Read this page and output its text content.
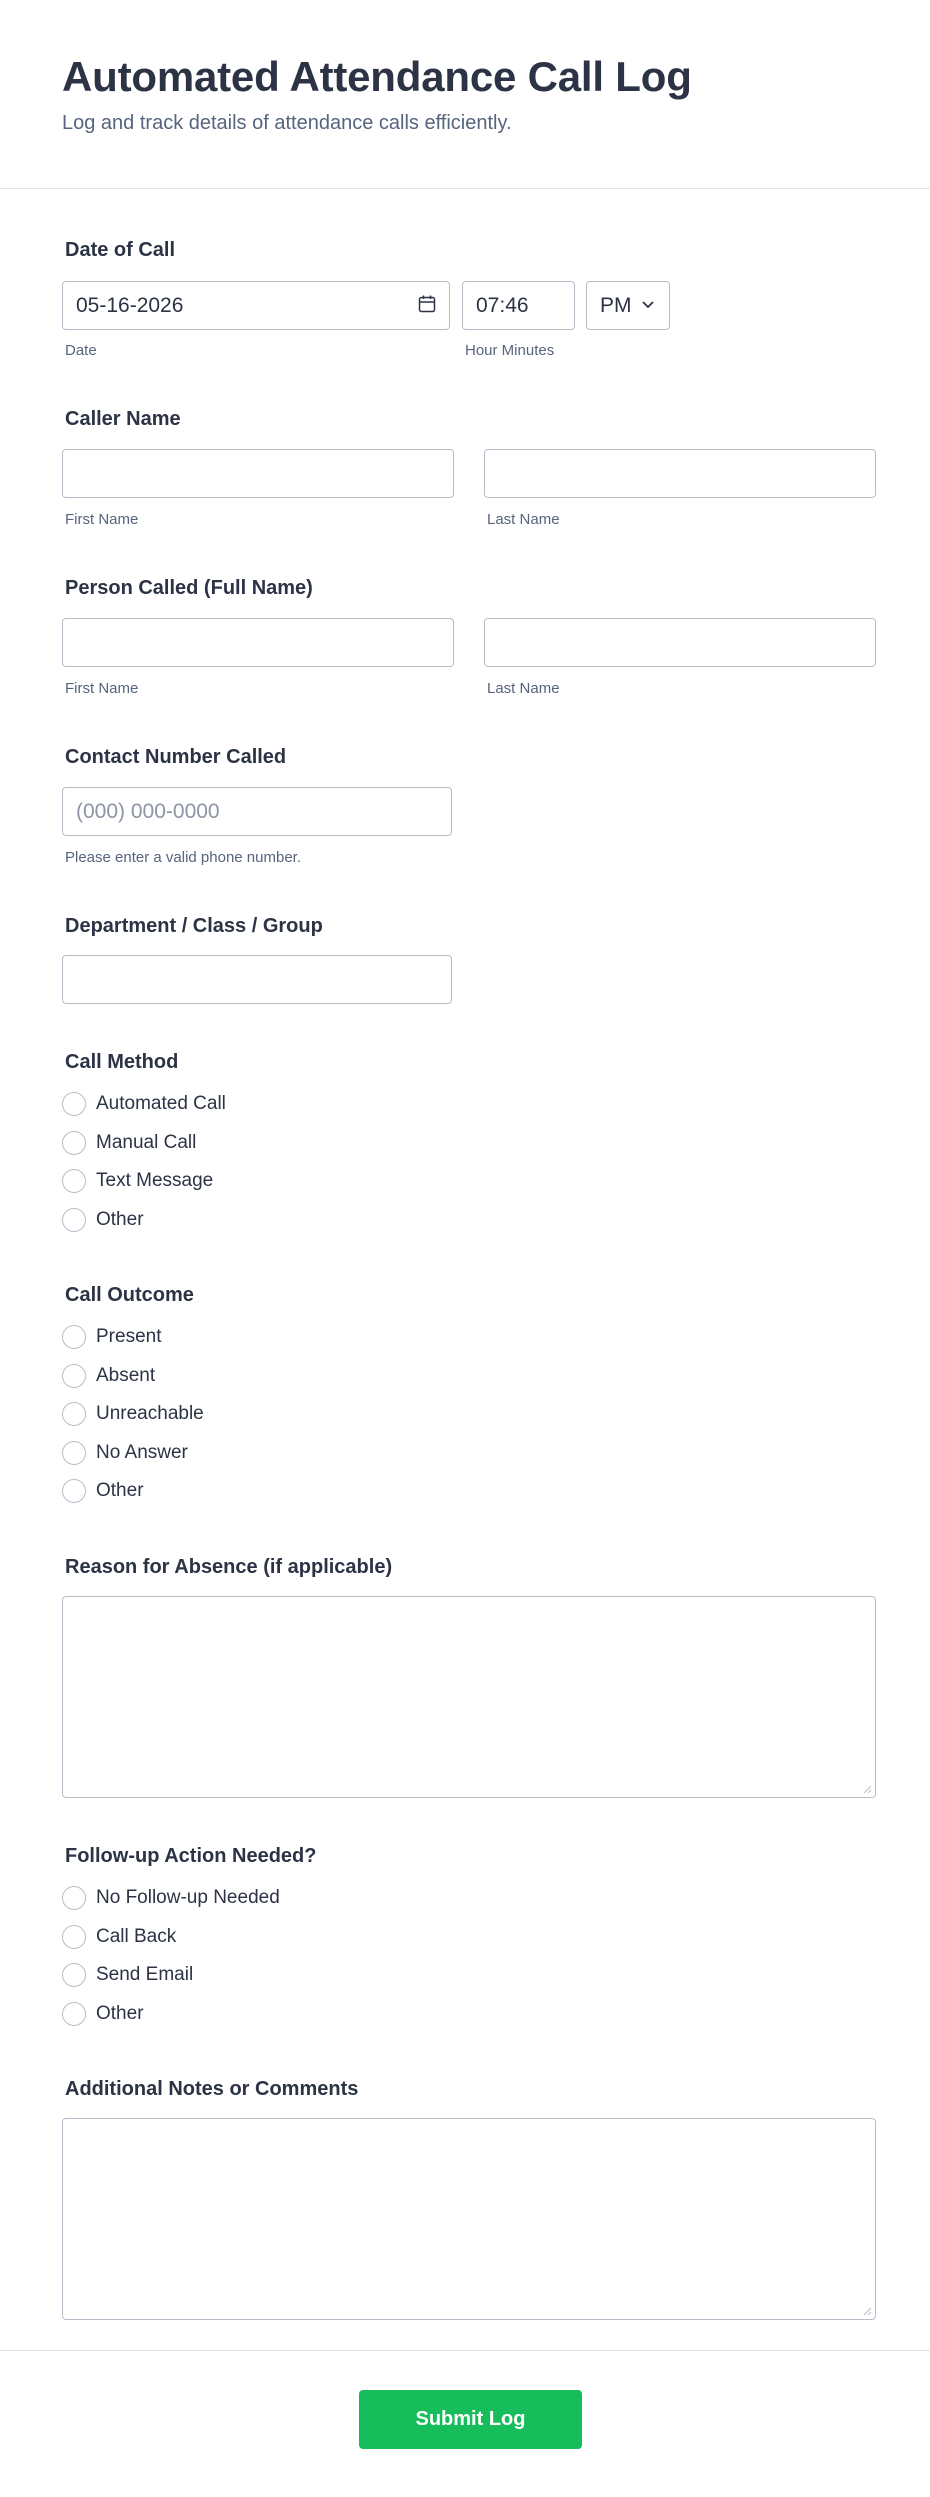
Automated Attendance Call Log
Log and track details of attendance calls efficiently.
Date of Call
05-16-2026
Date
07:46
Hour Minutes
PM
Caller Name
First Name	Last Name
Person Called (Full Name)
First Name	Last Name
Contact Number Called
(000) 000-0000
Please enter a valid phone number.
Department / Class / Group
Call Method
Automated Call
Manual Call
Text Message
Other
Call Outcome
Present
Absent
Unreachable
No Answer
Other
Reason for Absence (if applicable)
Follow-up Action Needed?
No Follow-up Needed
Call Back
Send Email
Other
Additional Notes or Comments
Submit Log
